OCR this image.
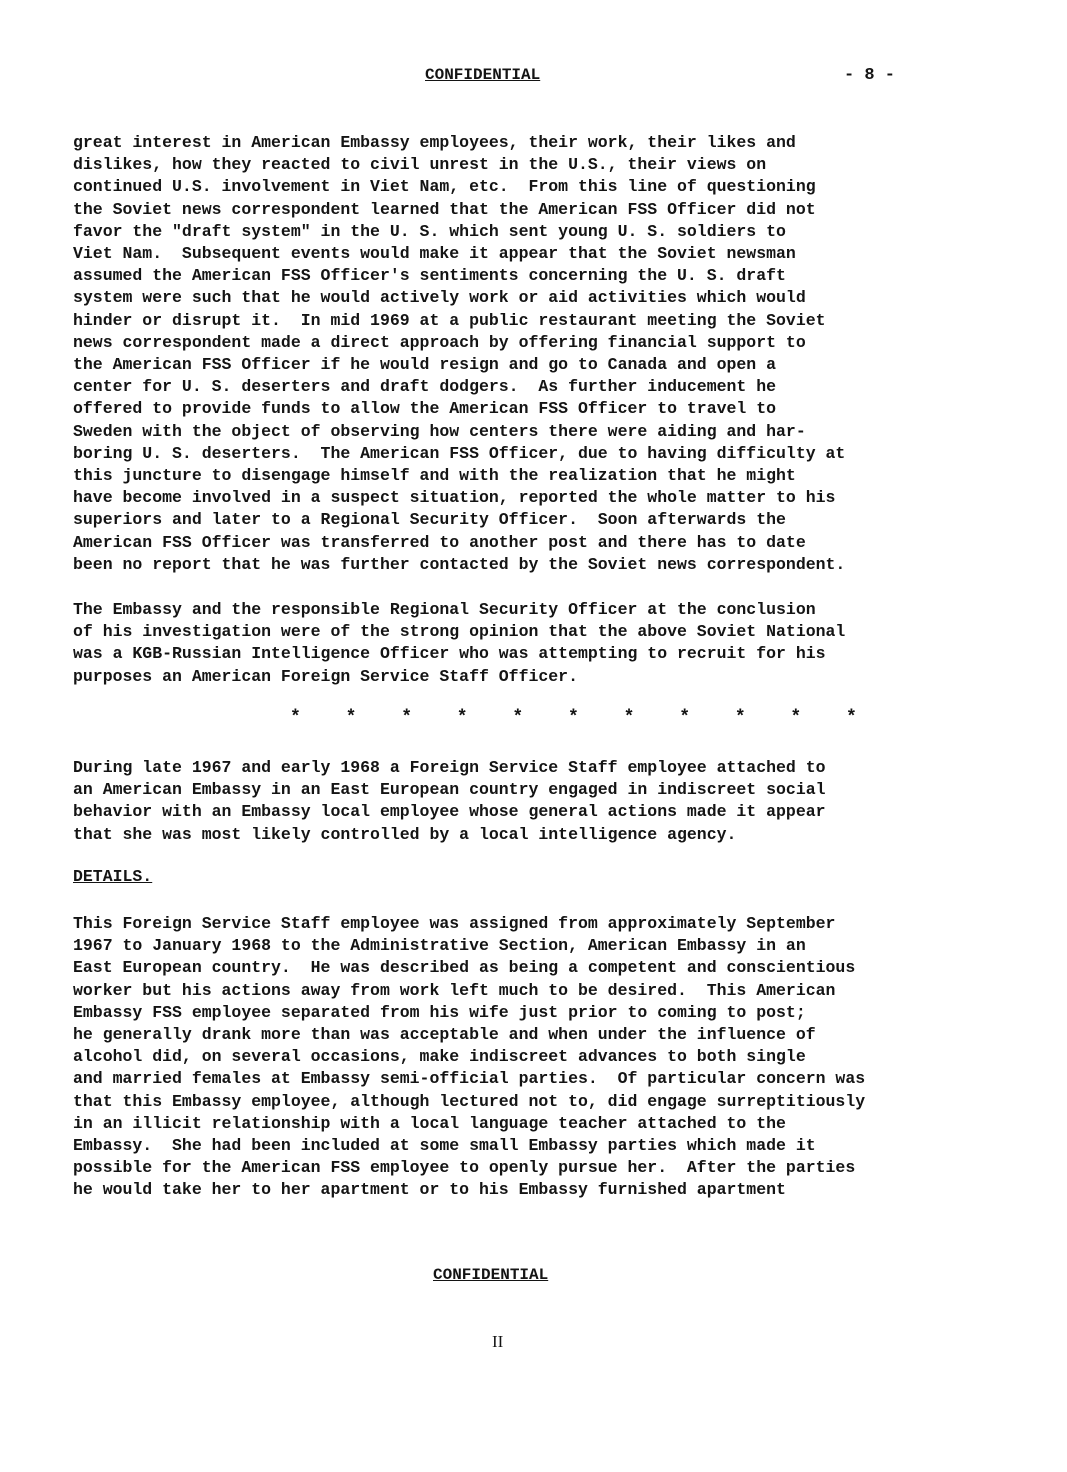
CONFIDENTIAL	- 8 -

great interest in American Embassy employees, their work, their likes and
dislikes, how they reacted to civil unrest in the U.S., their views on
continued U.S. involvement in Viet Nam, etc.  From this line of questioning
the Soviet news correspondent learned that the American FSS Officer did not
favor the "draft system" in the U. S. which sent young U. S. soldiers to
Viet Nam.  Subsequent events would make it appear that the Soviet newsman
assumed the American FSS Officer's sentiments concerning the U. S. draft
system were such that he would actively work or aid activities which would
hinder or disrupt it.  In mid 1969 at a public restaurant meeting the Soviet
news correspondent made a direct approach by offering financial support to
the American FSS Officer if he would resign and go to Canada and open a
center for U. S. deserters and draft dodgers.  As further inducement he
offered to provide funds to allow the American FSS Officer to travel to
Sweden with the object of observing how centers there were aiding and har-
boring U. S. deserters.  The American FSS Officer, due to having difficulty at
this juncture to disengage himself and with the realization that he might
have become involved in a suspect situation, reported the whole matter to his
superiors and later to a Regional Security Officer.  Soon afterwards the
American FSS Officer was transferred to another post and there has to date
been no report that he was further contacted by the Soviet news correspondent.

The Embassy and the responsible Regional Security Officer at the conclusion
of his investigation were of the strong opinion that the above Soviet National
was a KGB-Russian Intelligence Officer who was attempting to recruit for his
purposes an American Foreign Service Staff Officer.

* * * * * * * * * * *

During late 1967 and early 1968 a Foreign Service Staff employee attached to
an American Embassy in an East European country engaged in indiscreet social
behavior with an Embassy local employee whose general actions made it appear
that she was most likely controlled by a local intelligence agency.

DETAILS.

This Foreign Service Staff employee was assigned from approximately September
1967 to January 1968 to the Administrative Section, American Embassy in an
East European country.  He was described as being a competent and conscientious
worker but his actions away from work left much to be desired.  This American
Embassy FSS employee separated from his wife just prior to coming to post;
he generally drank more than was acceptable and when under the influence of
alcohol did, on several occasions, make indiscreet advances to both single
and married females at Embassy semi-official parties.  Of particular concern was
that this Embassy employee, although lectured not to, did engage surreptitiously
in an illicit relationship with a local language teacher attached to the
Embassy.  She had been included at some small Embassy parties which made it
possible for the American FSS employee to openly pursue her.  After the parties
he would take her to her apartment or to his Embassy furnished apartment

CONFIDENTIAL
II
